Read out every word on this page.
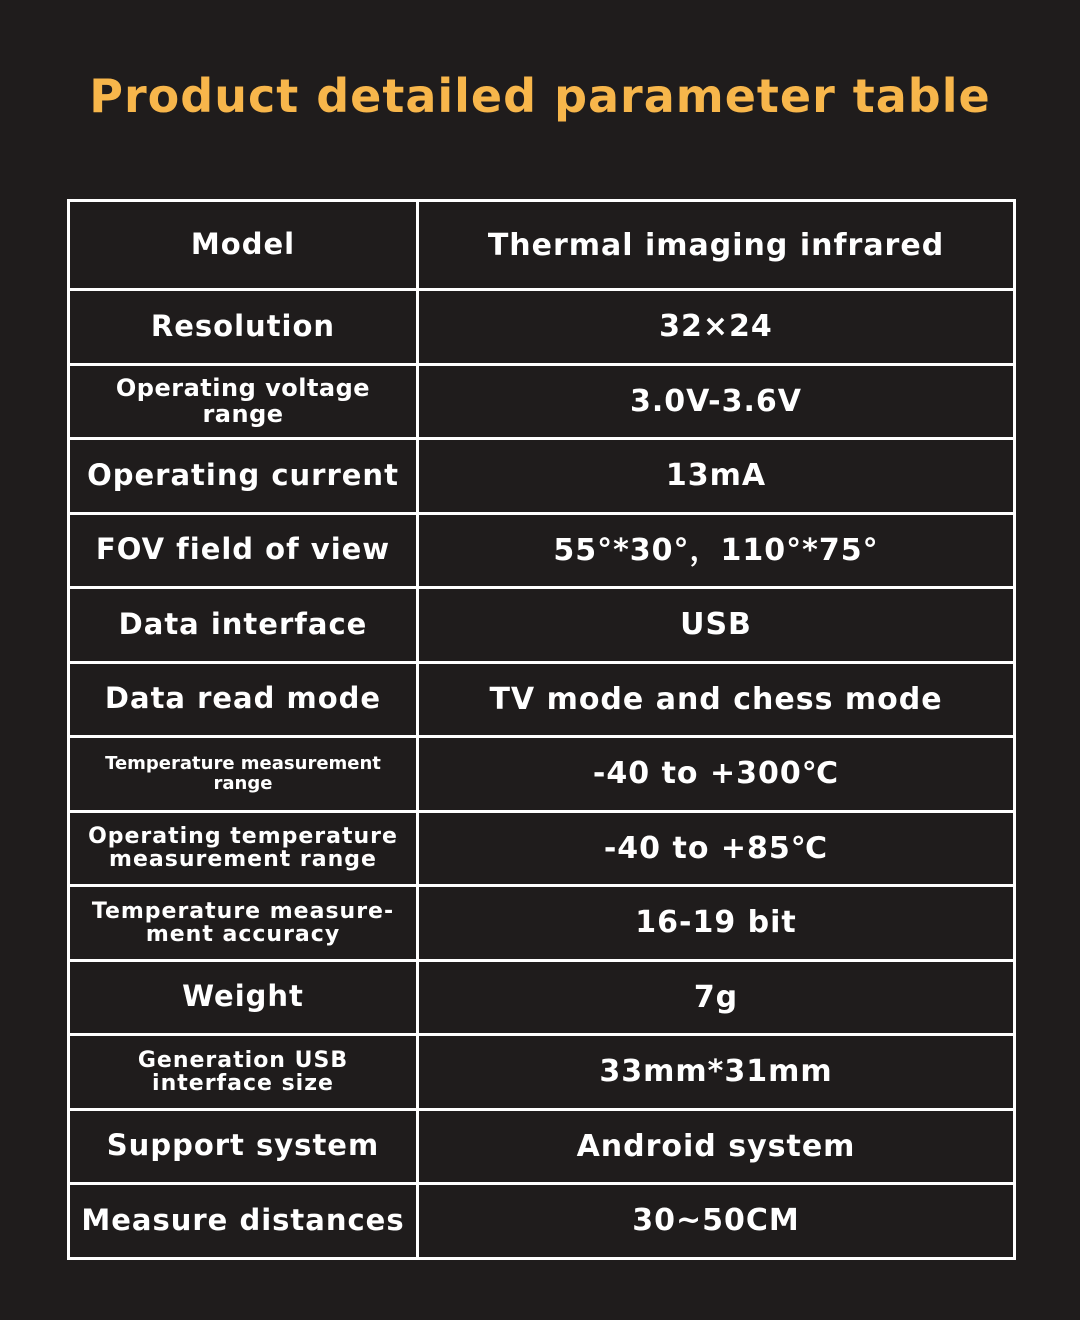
Product detailed parameter table
Model	Thermal imaging infrared
Resolution	32×24
Operating voltage range	3.0V-3.6V
Operating current	13mA
FOV field of view	55°*30°，110°*75°
Data interface	USB
Data read mode	TV mode and chess mode
Temperature measurement range	-40 to +300℃
Operating temperature measurement range	-40 to +85℃
Temperature measure-ment accuracy	16-19 bit
Weight	7g
Generation USB interface size	33mm*31mm
Support system	Android system
Measure distances	30~50CM
